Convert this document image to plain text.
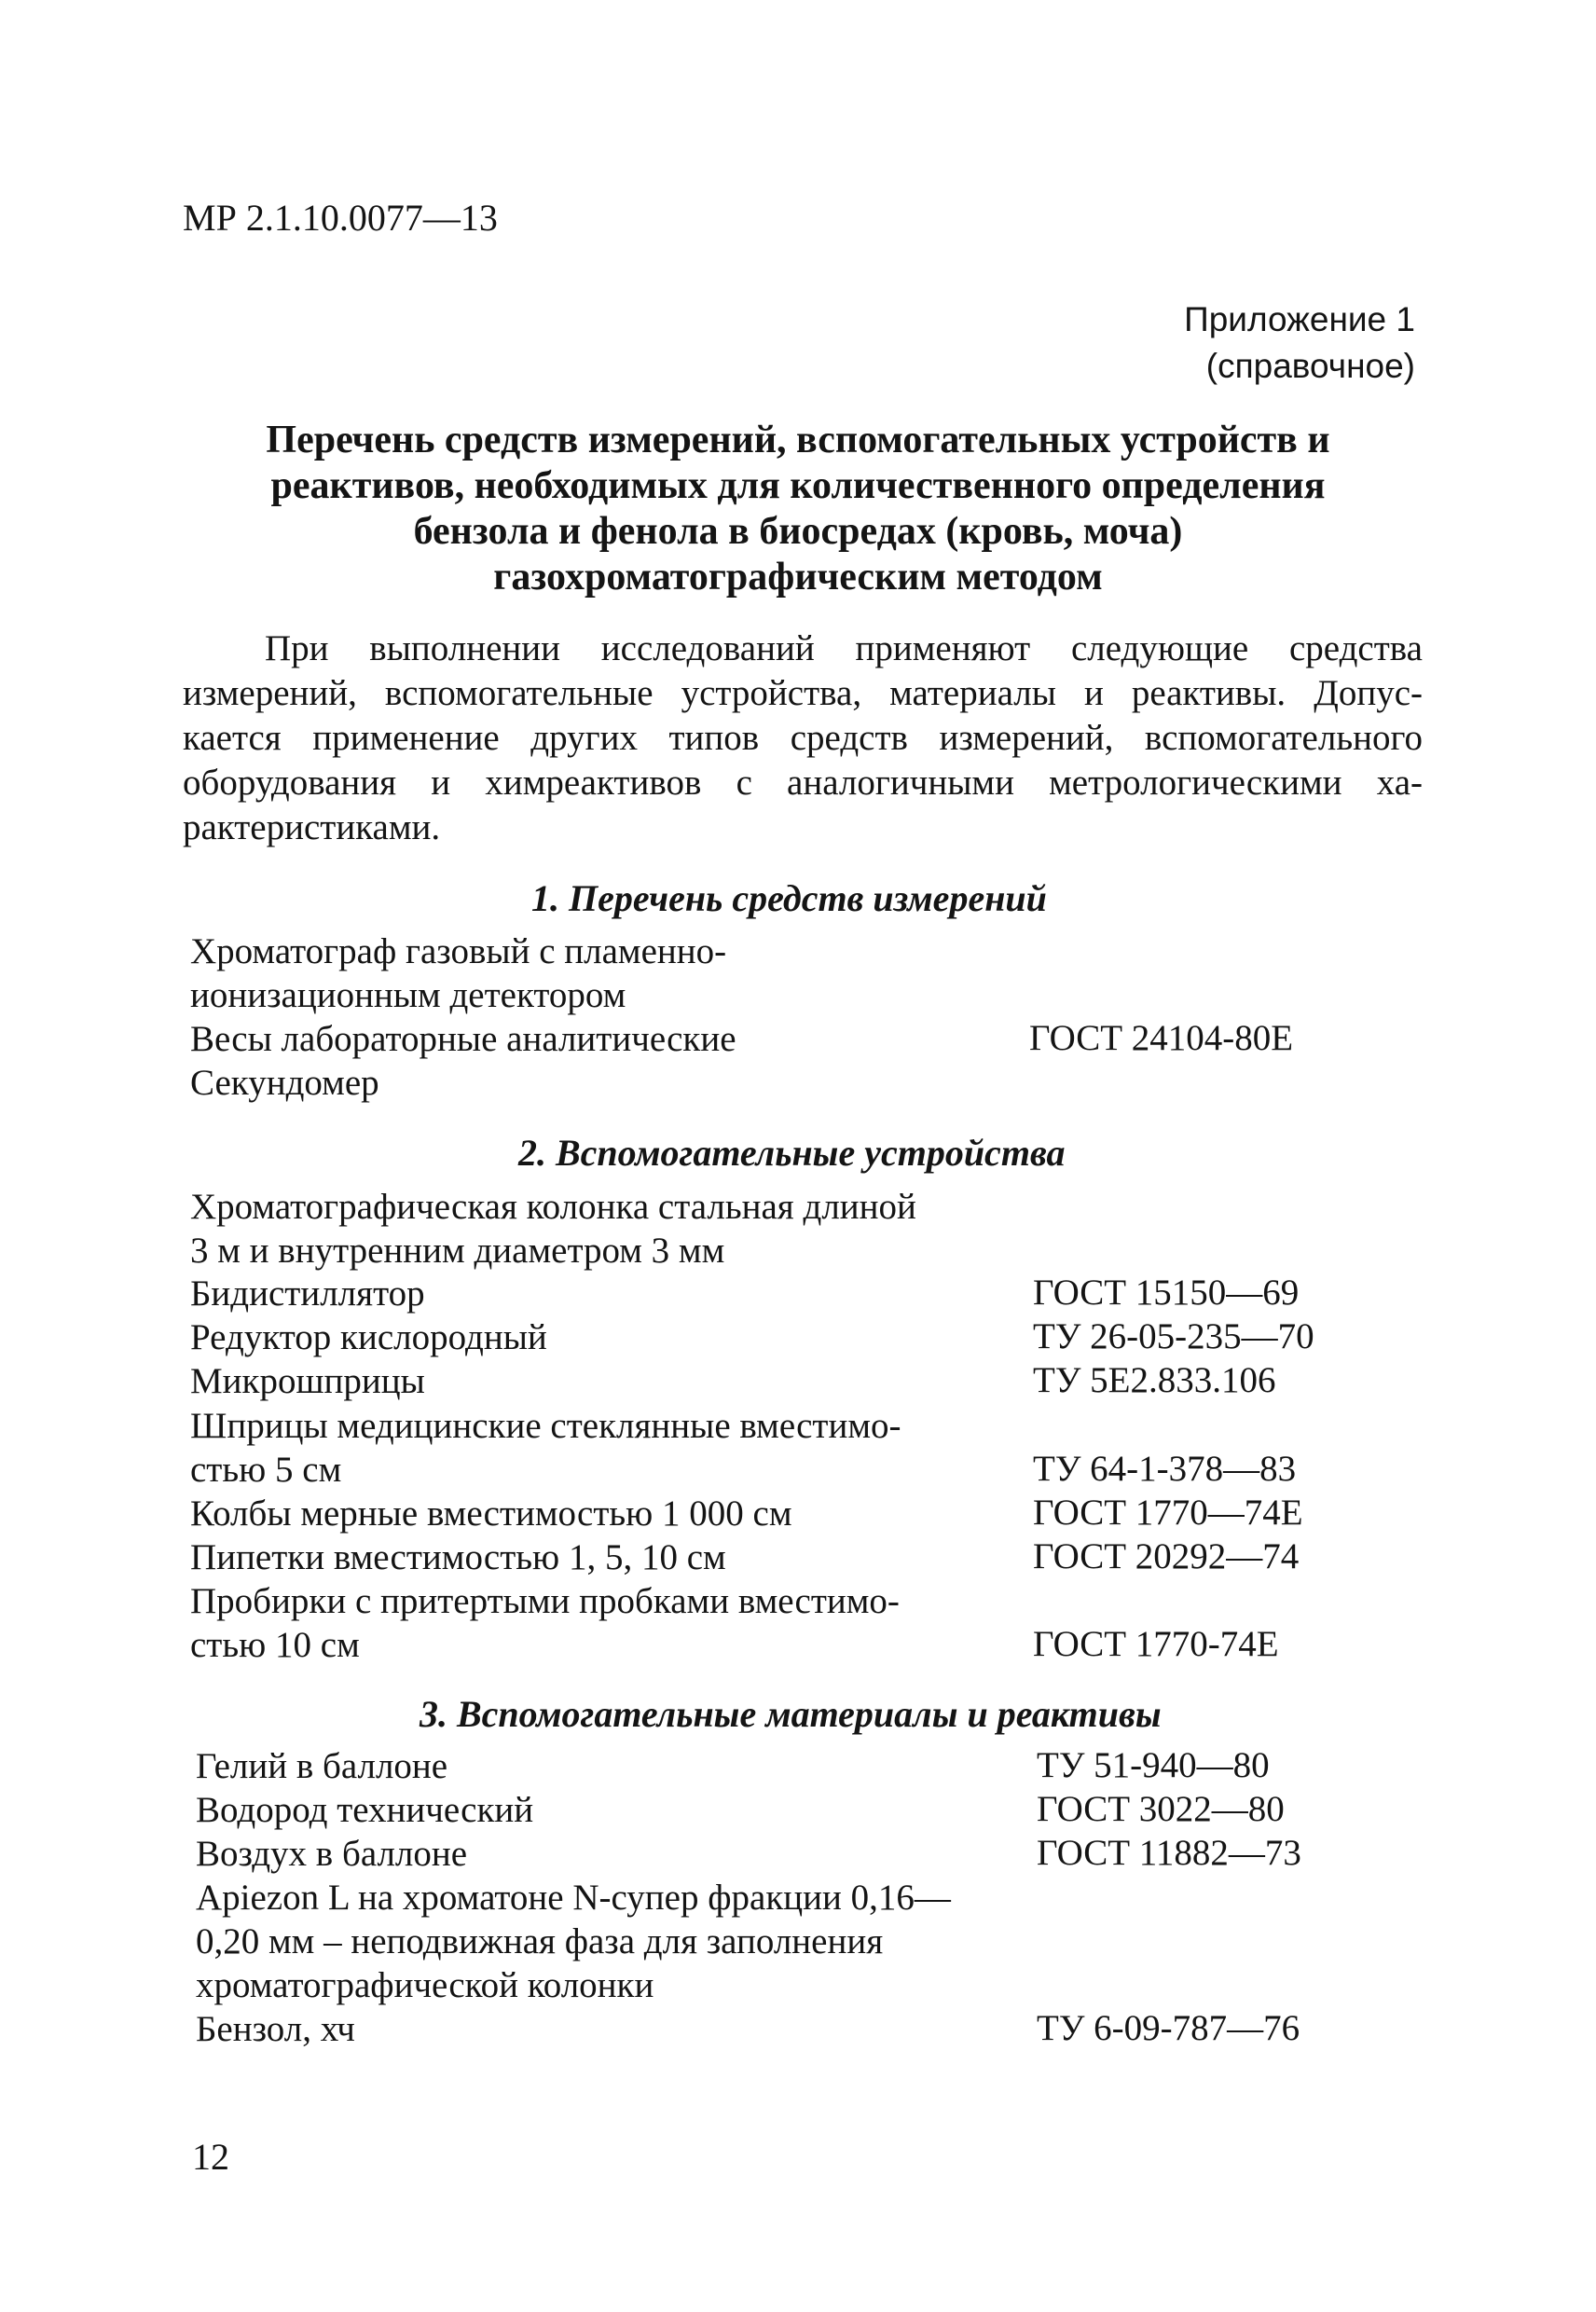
МР 2.1.10.0077—13
Приложение 1
(справочное)
Перечень средств измерений, вспомогательных устройств и
реактивов, необходимых для количественного определения
бензола и фенола в биосредах (кровь, моча)
газохроматографическим методом
При выполнении исследований применяют следующие средства
измерений, вспомогательные устройства, материалы и реактивы. Допус-
кается применение других типов средств измерений, вспомогательного
оборудования и химреактивов с аналогичными метрологическими ха-
рактеристиками.
1. Перечень средств измерений
Хроматограф газовый с пламенно-
ионизационным детектором
Весы лабораторные аналитические	ГОСТ 24104-80Е
Секундомер
2. Вспомогательные устройства
Хроматографическая колонка стальная длиной
3 м и внутренним диаметром 3 мм
Бидистиллятор	ГОСТ 15150—69
Редуктор кислородный	ТУ 26-05-235—70
Микрошприцы	ТУ 5Е2.833.106
Шприцы медицинские стеклянные вместимо-
стью 5 см	ТУ 64-1-378—83
Колбы мерные вместимостью 1 000 см	ГОСТ 1770—74Е
Пипетки вместимостью 1, 5, 10 см	ГОСТ 20292—74
Пробирки с притертыми пробками вместимо-
стью 10 см	ГОСТ 1770-74Е
3. Вспомогательные материалы и реактивы
Гелий в баллоне	ТУ 51-940—80
Водород технический	ГОСТ 3022—80
Воздух в баллоне	ГОСТ 11882—73
Apiezon L на хроматоне N-супер фракции 0,16—
0,20 мм – неподвижная фаза для заполнения
хроматографической колонки
Бензол, хч	ТУ 6-09-787—76
12
